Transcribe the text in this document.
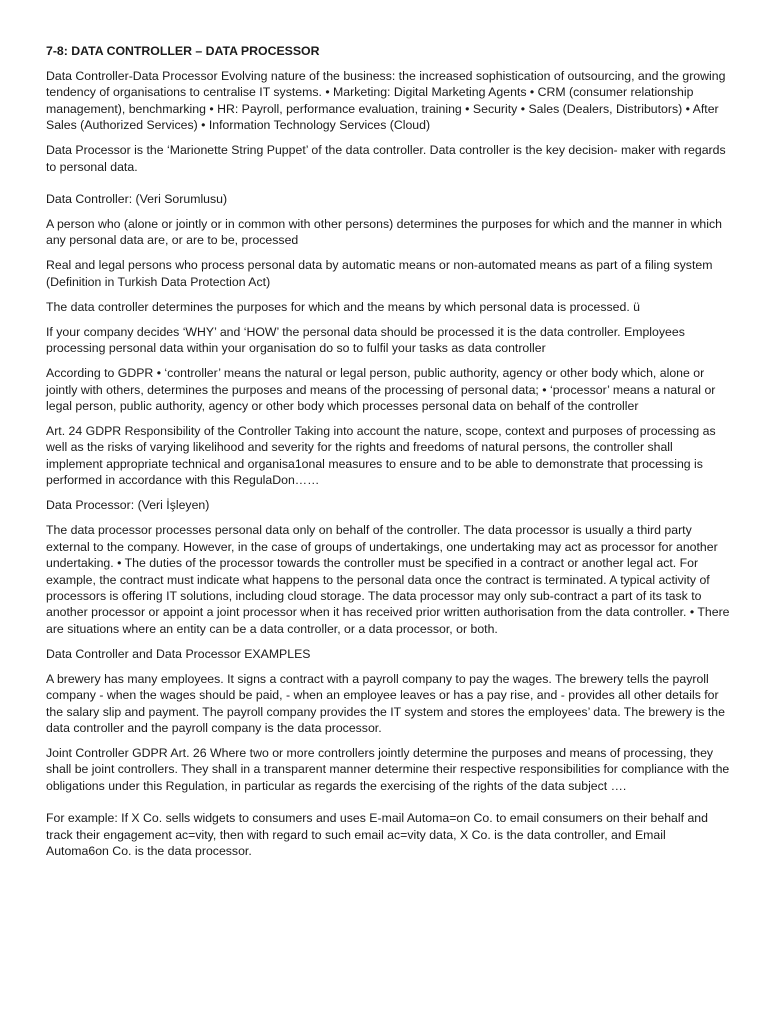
7-8: DATA CONTROLLER – DATA PROCESSOR

Data Controller-Data Processor Evolving nature of the business: the increased sophistication of outsourcing, and the growing tendency of organisations to centralise IT systems. • Marketing: Digital Marketing Agents • CRM (consumer relationship management), benchmarking • HR: Payroll, performance evaluation, training • Security • Sales (Dealers, Distributors) • After Sales (Authorized Services) • Information Technology Services (Cloud)

Data Processor is the ‘Marionette String Puppet’ of the data controller. Data controller is the key decision- maker with regards to personal data.

Data Controller: (Veri Sorumlusu)

A person who (alone or jointly or in common with other persons) determines the purposes for which and the manner in which any personal data are, or are to be, processed

Real and legal persons who process personal data by automatic means or non-automated means as part of a filing system (Definition in Turkish Data Protection Act)

The data controller determines the purposes for which and the means by which personal data is processed. ü

If your company decides ‘WHY’ and ‘HOW’ the personal data should be processed it is the data controller. Employees processing personal data within your organisation do so to fulfil your tasks as data controller

According to GDPR • ‘controller’ means the natural or legal person, public authority, agency or other body which, alone or jointly with others, determines the purposes and means of the processing of personal data; • ‘processor’ means a natural or legal person, public authority, agency or other body which processes personal data on behalf of the controller

Art. 24 GDPR Responsibility of the Controller Taking into account the nature, scope, context and purposes of processing as well as the risks of varying likelihood and severity for the rights and freedoms of natural persons, the controller shall implement appropriate technical and organisa1onal measures to ensure and to be able to demonstrate that processing is performed in accordance with this RegulaDon……

Data Processor: (Veri İşleyen)

The data processor processes personal data only on behalf of the controller. The data processor is usually a third party external to the company. However, in the case of groups of undertakings, one undertaking may act as processor for another undertaking. • The duties of the processor towards the controller must be specified in a contract or another legal act. For example, the contract must indicate what happens to the personal data once the contract is terminated. A typical activity of processors is offering IT solutions, including cloud storage. The data processor may only sub-contract a part of its task to another processor or appoint a joint processor when it has received prior written authorisation from the data controller. • There are situations where an entity can be a data controller, or a data processor, or both.

Data Controller and Data Processor EXAMPLES

A brewery has many employees. It signs a contract with a payroll company to pay the wages. The brewery tells the payroll company - when the wages should be paid, - when an employee leaves or has a pay rise, and - provides all other details for the salary slip and payment. The payroll company provides the IT system and stores the employees’ data. The brewery is the data controller and the payroll company is the data processor.

Joint Controller GDPR Art. 26 Where two or more controllers jointly determine the purposes and means of processing, they shall be joint controllers. They shall in a transparent manner determine their respective responsibilities for compliance with the obligations under this Regulation, in particular as regards the exercising of the rights of the data subject ….

For example: If X Co. sells widgets to consumers and uses E-mail Automa=on Co. to email consumers on their behalf and track their engagement ac=vity, then with regard to such email ac=vity data, X Co. is the data controller, and Email Automa6on Co. is the data processor.
